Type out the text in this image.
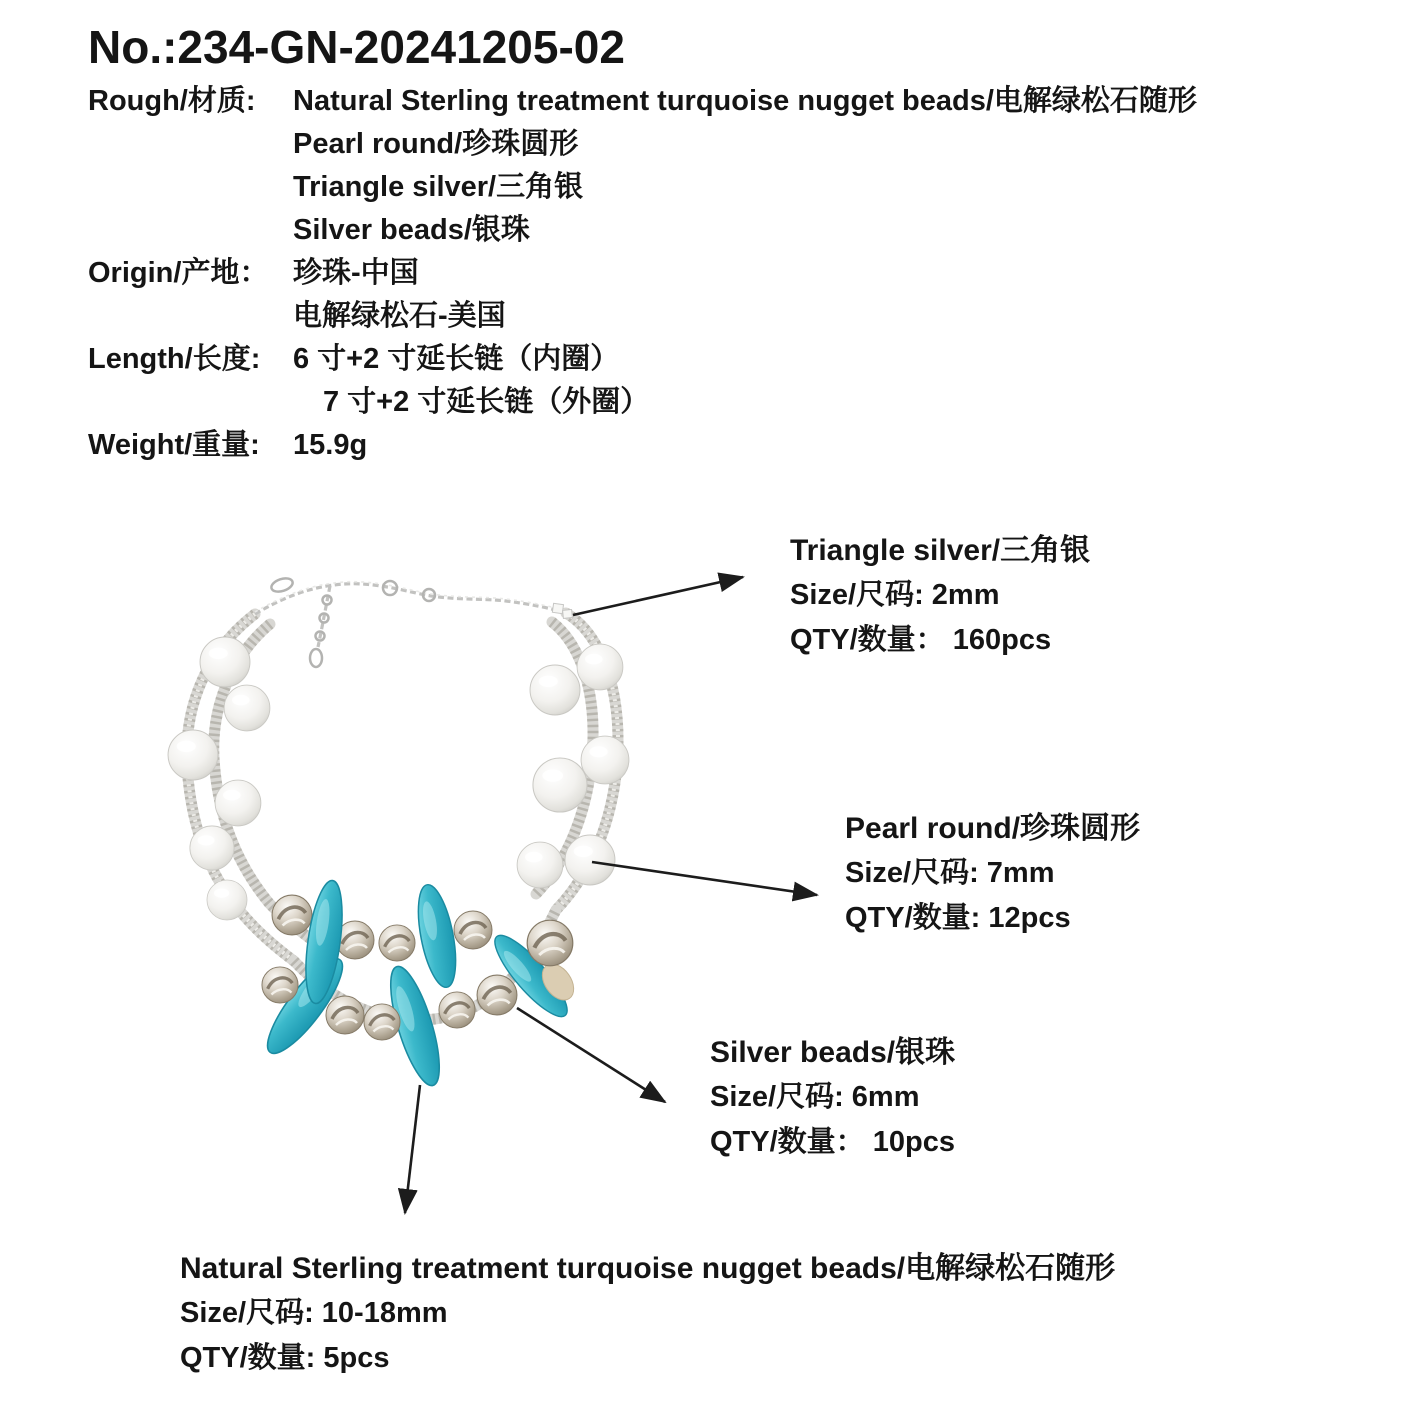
No.:234-GN-20241205-02
Rough/材质:	Natural Sterling treatment turquoise nugget beads/电解绿松石随形
Pearl round/珍珠圆形
Triangle silver/三角银
Silver beads/银珠
Origin/产地： 珍珠-中国
电解绿松石-美国
Length/长度:	6 寸+2 寸延长链（内圈）
7 寸+2 寸延长链（外圈）
Weight/重量:	15.9g
Triangle silver/三角银
Size/尺码: 2mm
QTY/数量： 160pcs
Pearl round/珍珠圆形
Size/尺码: 7mm
QTY/数量: 12pcs
Silver beads/银珠
Size/尺码: 6mm
QTY/数量： 10pcs
Natural Sterling treatment turquoise nugget beads/电解绿松石随形
Size/尺码: 10-18mm
QTY/数量: 5pcs
